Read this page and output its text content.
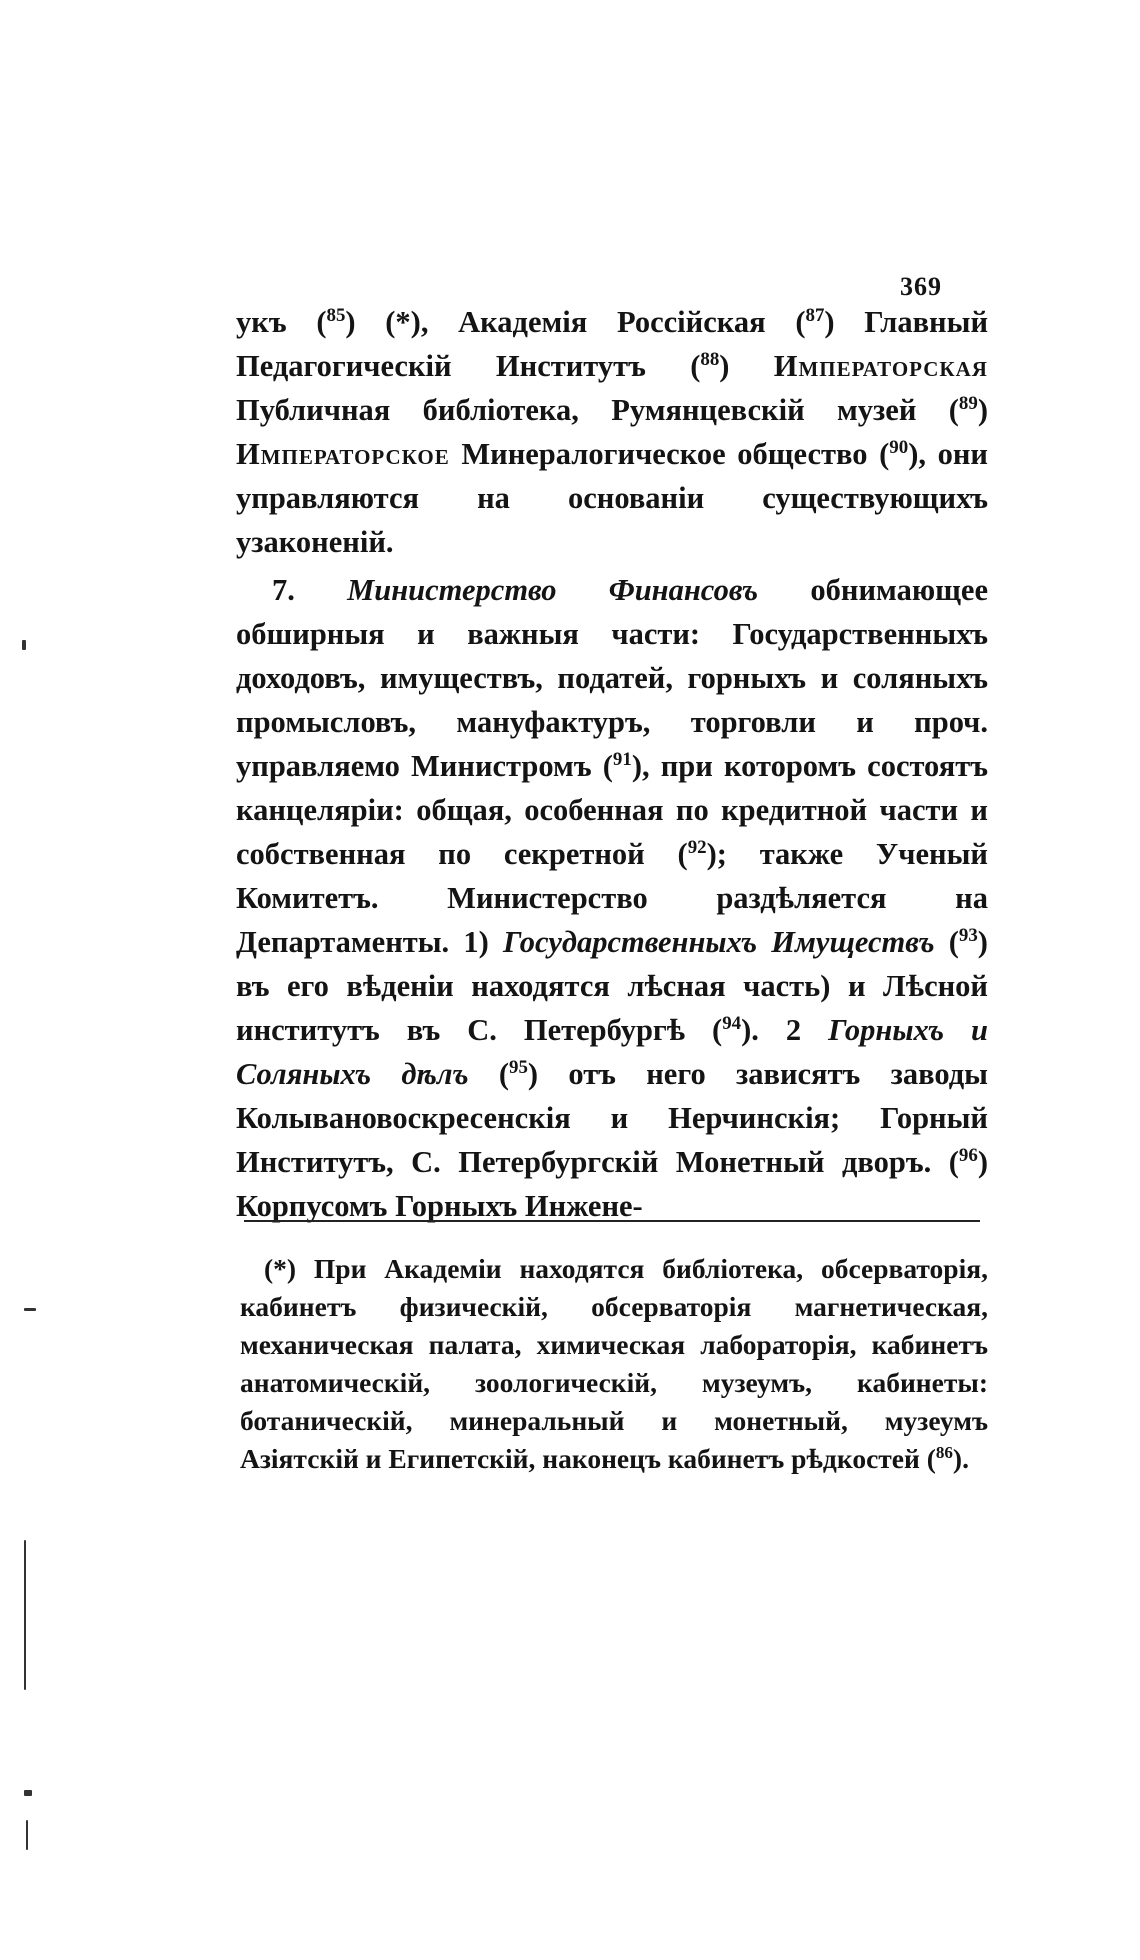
369

укъ ($^{85}$) (*), Академія Россійская ($^{87}$) Главный Педагогическій Институтъ ($^{88}$) Императорская Публичная библіотека, Румянцевскій музей ($^{89}$) Императорское Минералогическое общество ($^{90}$), они управляются на основаніи существующихъ узаконеній.

7. Министерство Финансовъ обнимающее обширныя и важныя части: Государственныхъ доходовъ, имуществъ, податей, горныхъ и соляныхъ промысловъ, мануфактуръ, торговли и проч. управляемо Министромъ ($^{91}$), при которомъ состоятъ канцеляріи: общая, особенная по кредитной части и собственная по секретной ($^{92}$); также Ученый Комитетъ. Министерство раздѣляется на Департаменты. 1) Государственныхъ Имуществъ ($^{93}$) въ его вѣденіи находятся лѣсная часть) и Лѣсной институтъ въ С. Петербургѣ ($^{94}$). 2 Горныхъ и Соляныхъ дѣлъ ($^{95}$) отъ него зависятъ заводы Колывановоскресенскія и Нерчинскія; Горный Институтъ, С. Петербургскій Монетный дворъ. ($^{96}$) Корпусомъ Горныхъ Инжене-

(*) При Академіи находятся библіотека, обсерваторія, кабинетъ физическій, обсерваторія магнетическая, механическая палата, химическая лабораторія, кабинетъ анатомическій, зоологическій, музеумъ, кабинеты: ботаническій, минеральный и монетный, музеумъ Азіятскій и Египетскій, наконецъ кабинетъ рѣдкостей ($^{86}$).
